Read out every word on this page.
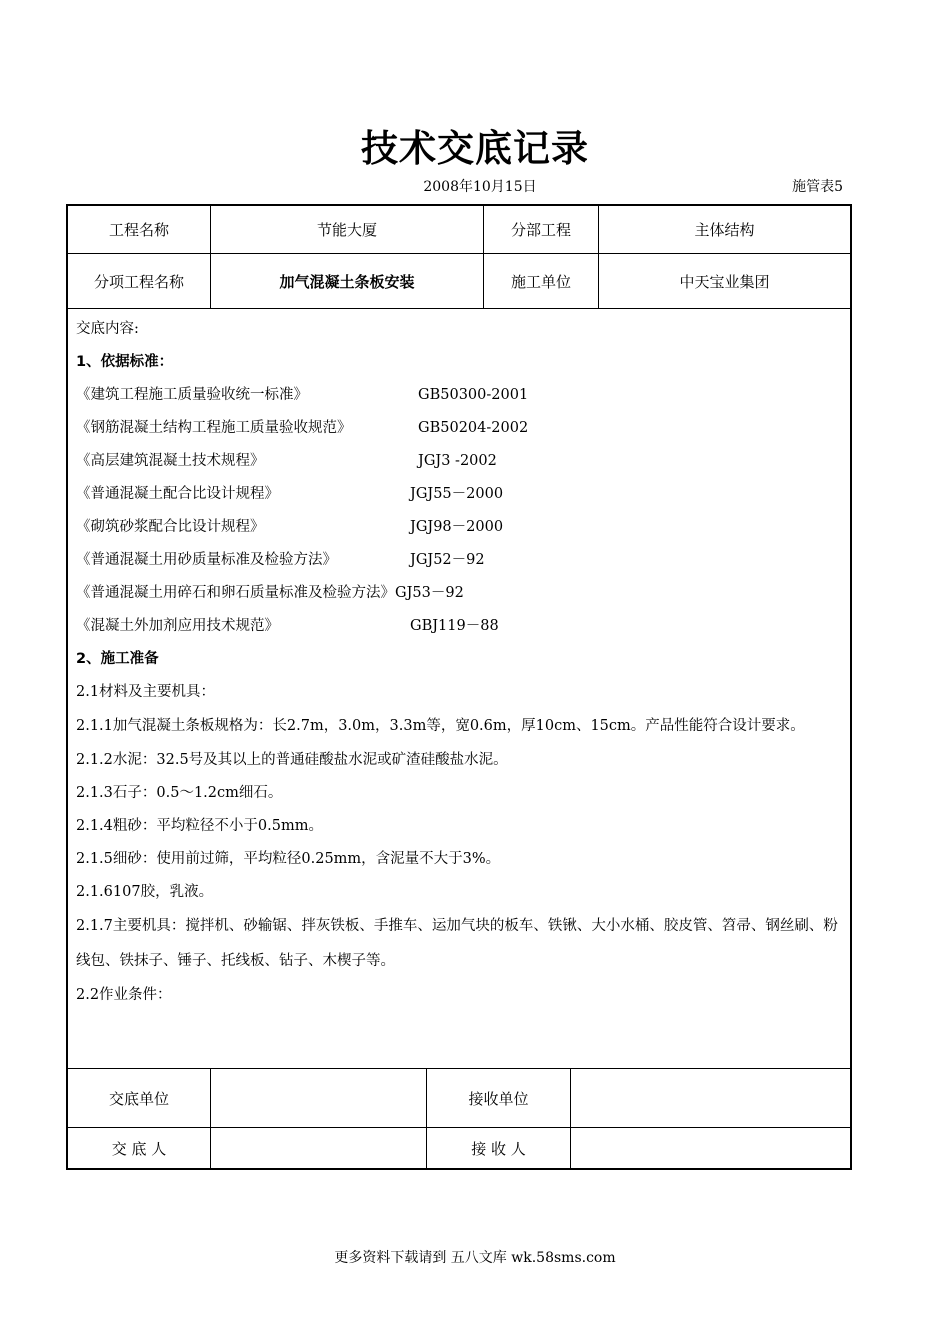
技术交底记录
2008年10月15日	施管表5
工程名称	节能大厦	分部工程	主体结构
分项工程名称	加气混凝土条板安装	施工单位	中天宝业集团
交底单位	接收单位
交 底 人	接 收 人
交底内容:
1、依据标准：
《建筑工程施工质量验收统一标准》	GB50300-2001
《钢筋混凝土结构工程施工质量验收规范》	GB50204-2002
《高层建筑混凝土技术规程》	JGJ3 -2002
《普通混凝土配合比设计规程》	JGJ55－2000
《砌筑砂浆配合比设计规程》	JGJ98－2000
《普通混凝土用砂质量标准及检验方法》	JGJ52－92
《普通混凝土用碎石和卵石质量标准及检验方法》GJ53－92
《混凝土外加剂应用技术规范》	GBJ119－88
2、施工准备
2.1材料及主要机具：
2.1.1加气混凝土条板规格为：长2.7m，3.0m，3.3m等，宽0.6m，厚10cm、15cm。产品性能符合设计要求。
2.1.2水泥：32.5号及其以上的普通硅酸盐水泥或矿渣硅酸盐水泥。
2.1.3石子：0.5～1.2cm细石。
2.1.4粗砂：平均粒径不小于0.5mm。
2.1.5细砂：使用前过筛，平均粒径0.25mm，含泥量不大于3%。
2.1.6107胶，乳液。
2.1.7主要机具：搅拌机、砂输锯、拌灰铁板、手推车、运加气块的板车、铁锹、大小水桶、胶皮管、笤帚、钢丝刷、粉线包、铁抹子、锤子、托线板、钻子、木楔子等。
2.2作业条件：
更多资料下载请到 五八文库 wk.58sms.com
